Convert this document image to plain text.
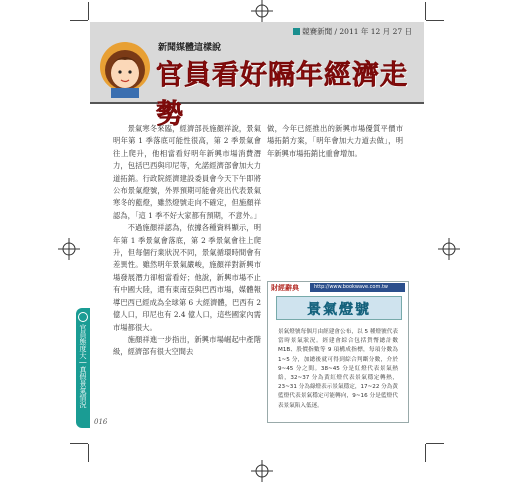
競賽新聞 / 2011 年 12 月 27 日
新聞媒體這樣說
官員看好隔年經濟走勢

景氣寒冬來臨，經濟部長施顏祥說，景氣明年第 1 季落底可能性很高，第 2 季景氣會往上爬升，他相當看好明年新興市場消費潛力，包括巴西與印尼等，允諾經濟部會加大力道拓銷。行政院經濟建設委員會今天下午即將公布景氣燈號，外界預期可能會亮出代表景氣寒冬的藍燈，雖然燈號走向不確定，但施顏祥認為，「這 1 季不好大家都有預期，不意外。」

不過施顏祥認為，依據各種資料顯示，明年第 1 季景氣會落底，第 2 季景氣會往上爬升，但每個行業狀況不同，景氣循環時間會有差異性。雖然明年景氣嚴峻，施顏祥對新興市場發展潛力卻相當看好；他說，新興市場不止有中國大陸，還有東南亞與巴西市場，媒體報導巴西已經成為全球第 6 大經濟體，巴西有 2 億人口，印尼也有 2.4 億人口，這些國家內需市場都很大。

施顏祥進一步指出，新興市場崛起中產階級，經濟部有很大空間去

做，今年已經推出的新興市場優質平價市場拓銷方案，「明年會加大力道去做」，明年新興市場拓銷比重會增加。

官員態度大 | 真假景氣情況
016
財經辭典	http://www.bookwave.com.tw
景氣燈號
景氣燈號每個月由經建會公布，以 5 種燈號代表當時景氣狀況。經建會綜合包括貨幣總計數 M1B、股價指數等 9 項構成指標，每項分數為 1~5 分，加總後就可得到綜合判斷分數，介於 9~45 分之間。38~45 分是紅燈代表景氣熱絡，32~37 分為黃紅燈代表景氣穩定轉熱，23~31 分為綠燈表示景氣穩定，17~22 分為黃藍燈代表景氣穩定可能轉向，9~16 分是藍燈代表景氣陷入低迷。
